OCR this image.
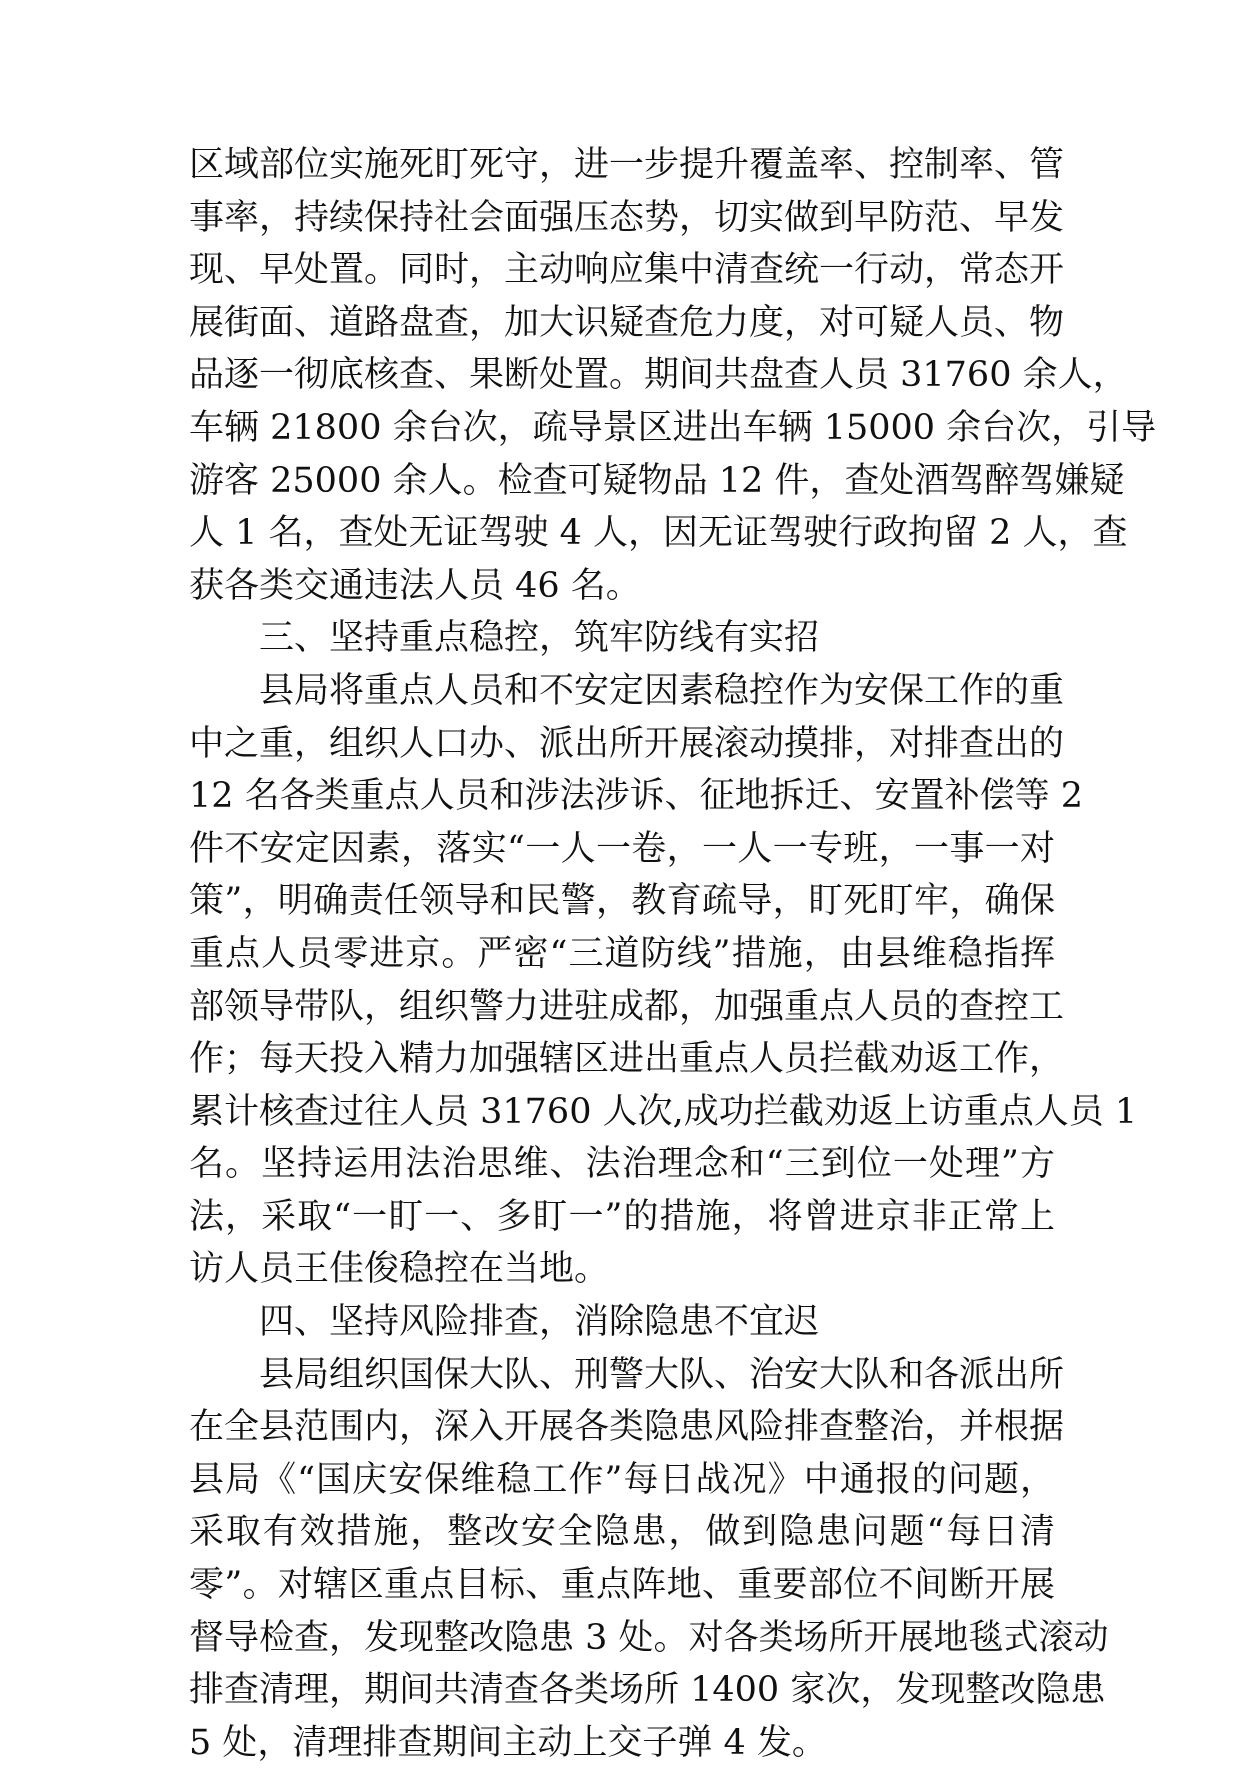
区域部位实施死盯死守，进一步提升覆盖率、控制率、管
事率，持续保持社会面强压态势，切实做到早防范、早发
现、早处置。同时，主动响应集中清查统一行动，常态开
展街面、道路盘查，加大识疑查危力度，对可疑人员、物
品逐一彻底核查、果断处置。期间共盘查人员 31760 余人，
车辆 21800 余台次，疏导景区进出车辆 15000 余台次，引导
游客 25000 余人。检查可疑物品 12 件，查处酒驾醉驾嫌疑
人 1 名，查处无证驾驶 4 人，因无证驾驶行政拘留 2 人，查
获各类交通违法人员 46 名。
三、坚持重点稳控，筑牢防线有实招
县局将重点人员和不安定因素稳控作为安保工作的重
中之重，组织人口办、派出所开展滚动摸排，对排查出的
12 名各类重点人员和涉法涉诉、征地拆迁、安置补偿等 2
件不安定因素，落实“一人一卷，一人一专班，一事一对
策”，明确责任领导和民警，教育疏导，盯死盯牢，确保
重点人员零进京。严密“三道防线”措施，由县维稳指挥
部领导带队，组织警力进驻成都，加强重点人员的查控工
作；每天投入精力加强辖区进出重点人员拦截劝返工作，
累计核查过往人员 31760 人次,成功拦截劝返上访重点人员 1
名。坚持运用法治思维、法治理念和“三到位一处理”方
法，采取“一盯一、多盯一”的措施，将曾进京非正常上
访人员王佳俊稳控在当地。
四、坚持风险排查，消除隐患不宜迟
县局组织国保大队、刑警大队、治安大队和各派出所
在全县范围内，深入开展各类隐患风险排查整治，并根据
县局《“国庆安保维稳工作”每日战况》中通报的问题，
采取有效措施，整改安全隐患，做到隐患问题“每日清
零”。对辖区重点目标、重点阵地、重要部位不间断开展
督导检查，发现整改隐患 3 处。对各类场所开展地毯式滚动
排查清理，期间共清查各类场所 1400 家次，发现整改隐患
5 处，清理排查期间主动上交子弹 4 发。
